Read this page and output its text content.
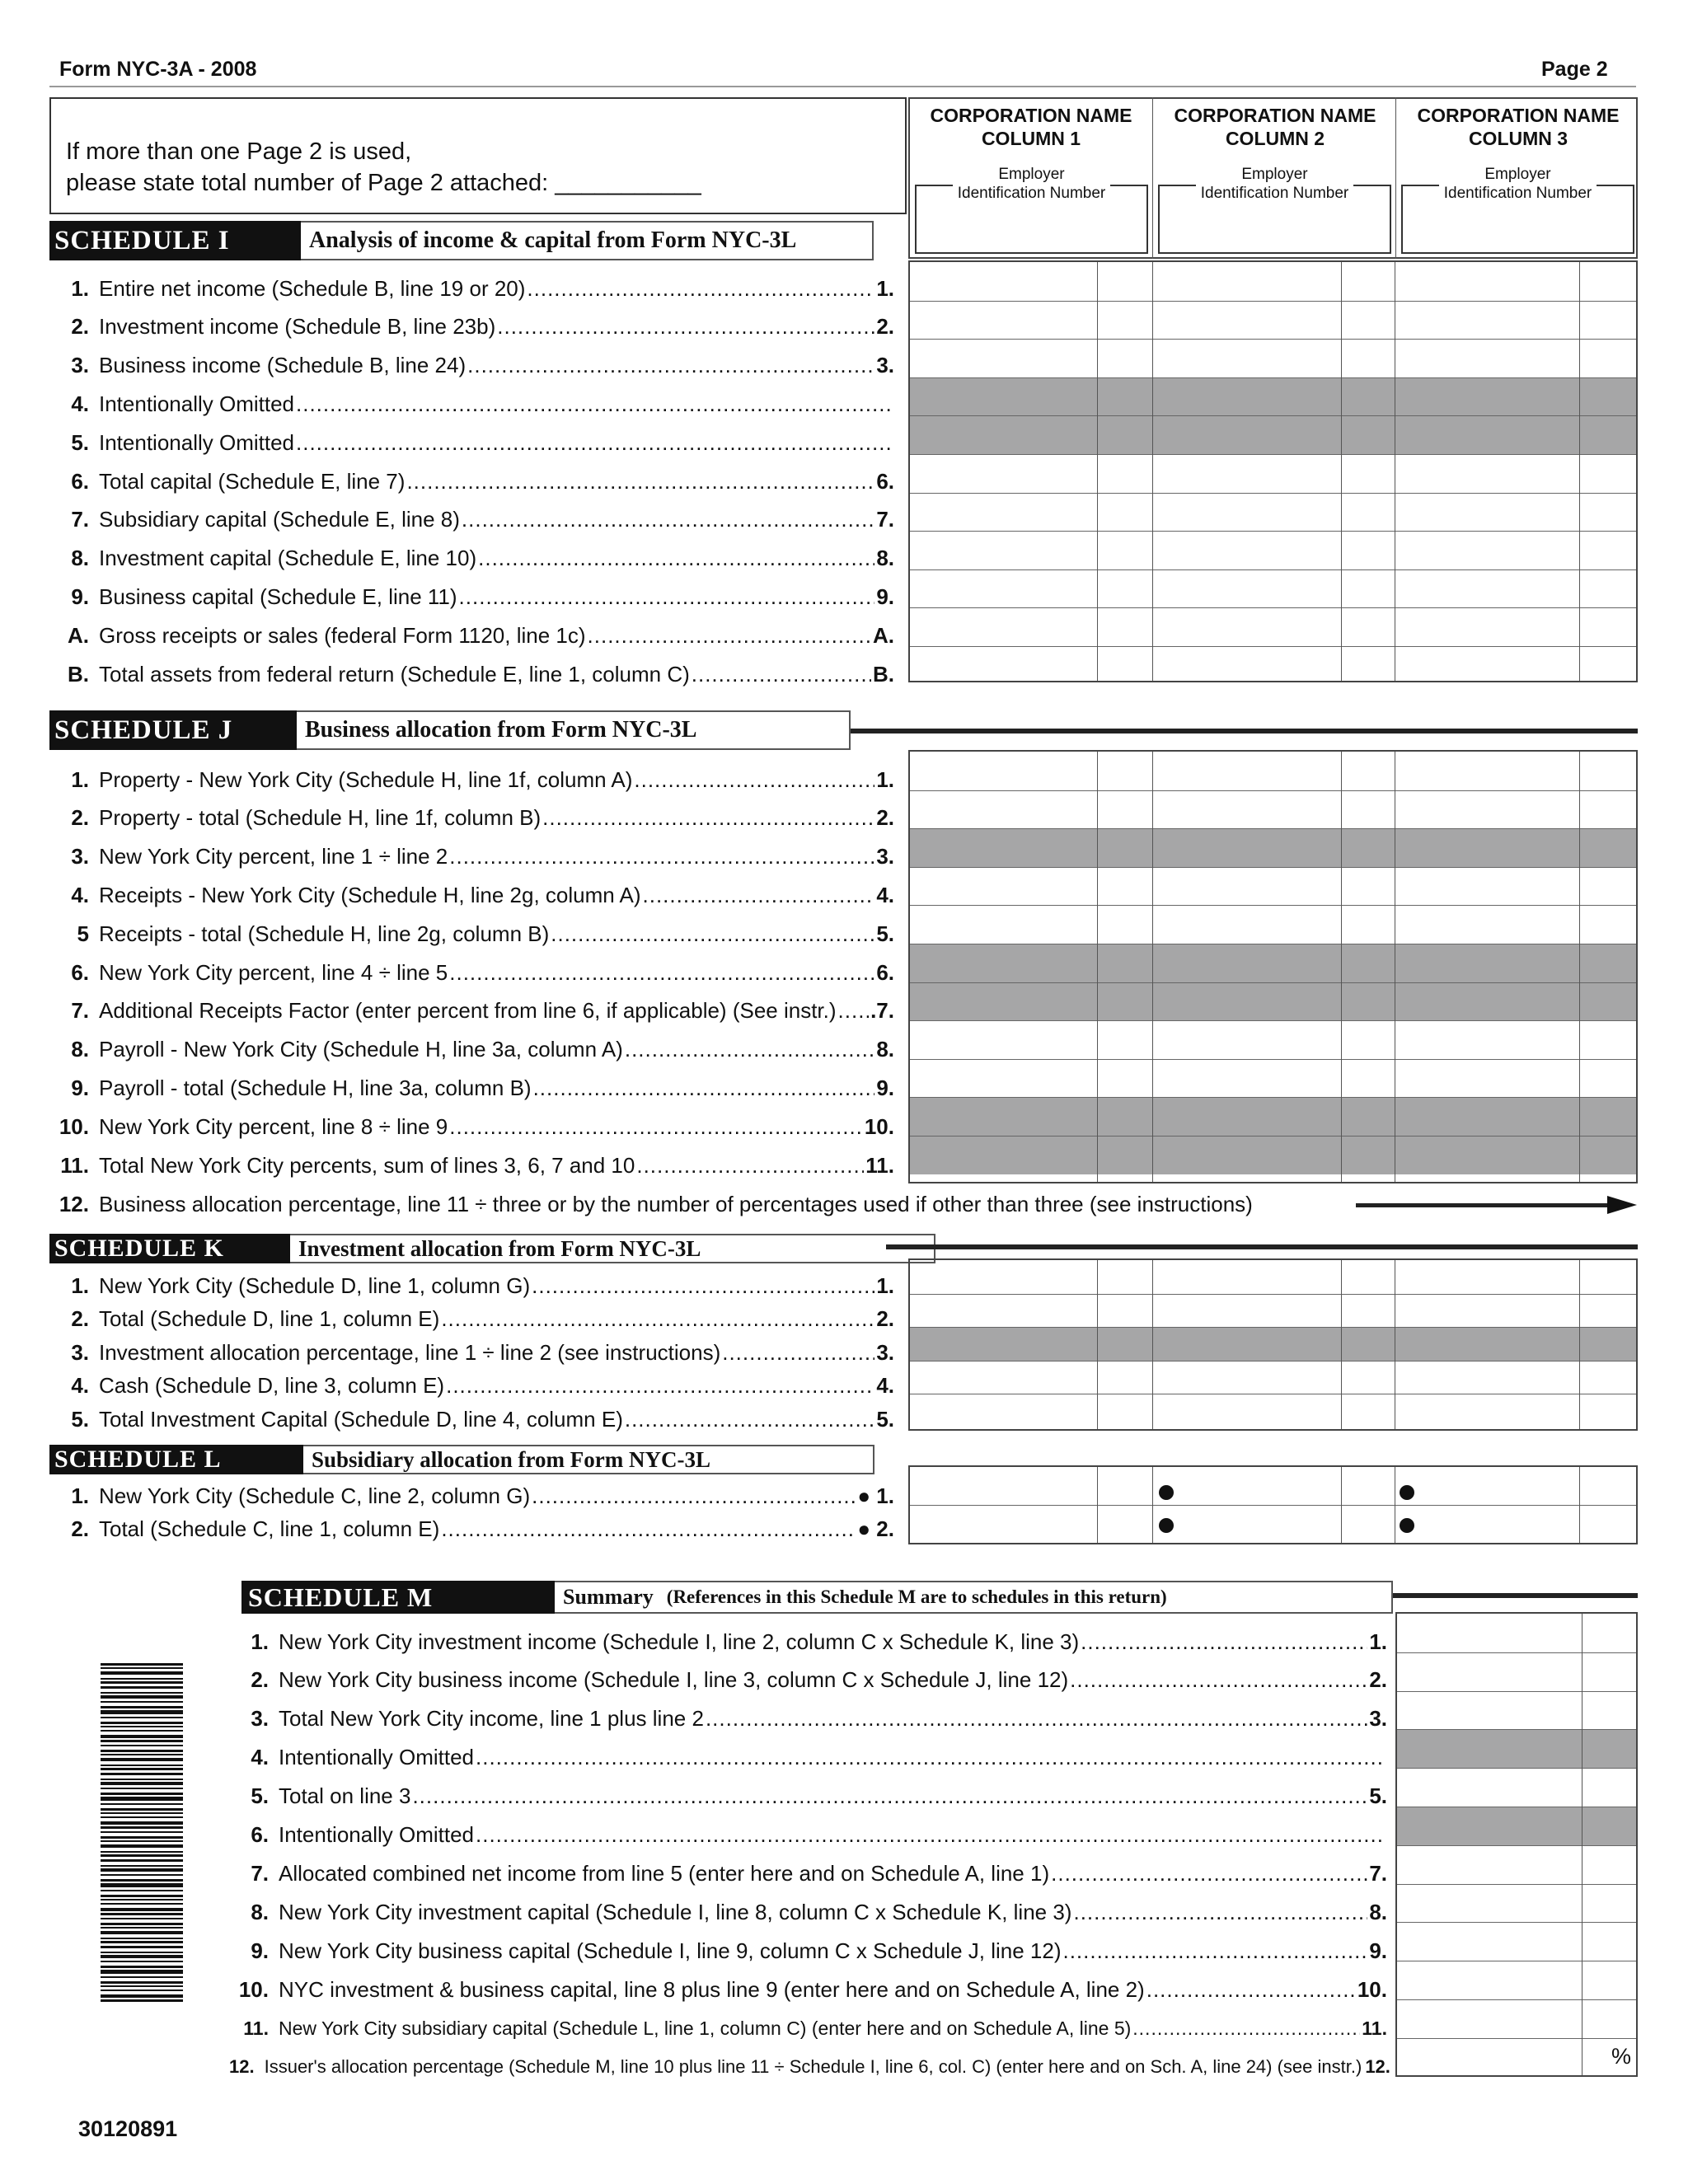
Form NYC-3A - 2008	Page 2
If more than one Page 2 is used,
please state total number of Page 2 attached: ___________
CORPORATION NAME
COLUMN 1
CORPORATION NAME
COLUMN 2
CORPORATION NAME
COLUMN 3
Employer
Identification Number
Employer
Identification Number
Employer
Identification Number
SCHEDULE I	Analysis of income & capital from Form NYC-3L
1. Entire net income (Schedule B, line 19 or 20) .....	1.
2. Investment income (Schedule B, line 23b) .....	2.
3. Business income (Schedule B, line 24) .....	3.
4. Intentionally Omitted
.....
5. Intentionally Omitted
.....
6. Total capital (Schedule E, line 7) .....	6.
7. Subsidiary capital (Schedule E, line 8) .....	7.
8. Investment capital (Schedule E, line 10) .....	8.
9. Business capital (Schedule E, line 11) .....	9.
A. Gross receipts or sales (federal Form 1120, line 1c) .....	A.
B. Total assets from federal return (Schedule E, line 1, column C) .....	B.
SCHEDULE J	Business allocation from Form NYC-3L
1. Property - New York City (Schedule H, line 1f, column A) .....	1.
2. Property - total (Schedule H, line 1f, column B) .....	2.
3. New York City percent, line 1 ÷ line 2 .....	3.
4. Receipts - New York City (Schedule H, line 2g, column A) .....	4.
5 Receipts - total (Schedule H, line 2g, column B) .....	5.
6. New York City percent, line 4 ÷ line 5 .....	6.
7. Additional Receipts Factor (enter percent from line 6, if applicable) (See instr.) ..... .7.
8. Payroll - New York City (Schedule H, line 3a, column A) .....	8.
9. Payroll - total (Schedule H, line 3a, column B) .....	9.
10. New York City percent, line 8 ÷ line 9 .....	10.
11. Total New York City percents, sum of lines 3, 6, 7 and 10 .....	11.
12. Business allocation percentage, line 11 ÷ three or by the number of percentages used if other than three (see instructions)
SCHEDULE K	Investment allocation from Form NYC-3L
1. New York City (Schedule D, line 1, column G) .....	1.
2. Total (Schedule D, line 1, column E) .....	2.
3. Investment allocation percentage, line 1 ÷ line 2 (see instructions) .....	3.
4. Cash (Schedule D, line 3, column E) .....	4.
5. Total Investment Capital (Schedule D, line 4, column E) .....	5.
SCHEDULE L	Subsidiary allocation from Form NYC-3L
1. New York City (Schedule C, line 2, column G) .....	● 1.
2. Total (Schedule C, line 1, column E) .....	● 2.
SCHEDULE M	Summary (References in this Schedule M are to schedules in this return)
1. New York City investment income (Schedule I, line 2, column C x Schedule K, line 3) .....	1.
2. New York City business income (Schedule I, line 3, column C x Schedule J, line 12) .....	2.
3. Total New York City income, line 1 plus line 2 .....	3.
4. Intentionally Omitted
.....
5. Total on line 3 .....	5.
6. Intentionally Omitted
.....
7. Allocated combined net income from line 5 (enter here and on Schedule A, line 1) .....	7.
8. New York City investment capital (Schedule I, line 8, column C x Schedule K, line 3) .....	8.
9. New York City business capital (Schedule I, line 9, column C x Schedule J, line 12) .....	9.
10. NYC investment & business capital, line 8 plus line 9 (enter here and on Schedule A, line 2) .....	10.
11. New York City subsidiary capital (Schedule L, line 1, column C) (enter here and on Schedule A, line 5) .....	11.
12. Issuer's allocation percentage (Schedule M, line 10 plus line 11 ÷ Schedule I, line 6, col. C) (enter here and on Sch. A, line 24) (see instr.) 12.	%
30120891
